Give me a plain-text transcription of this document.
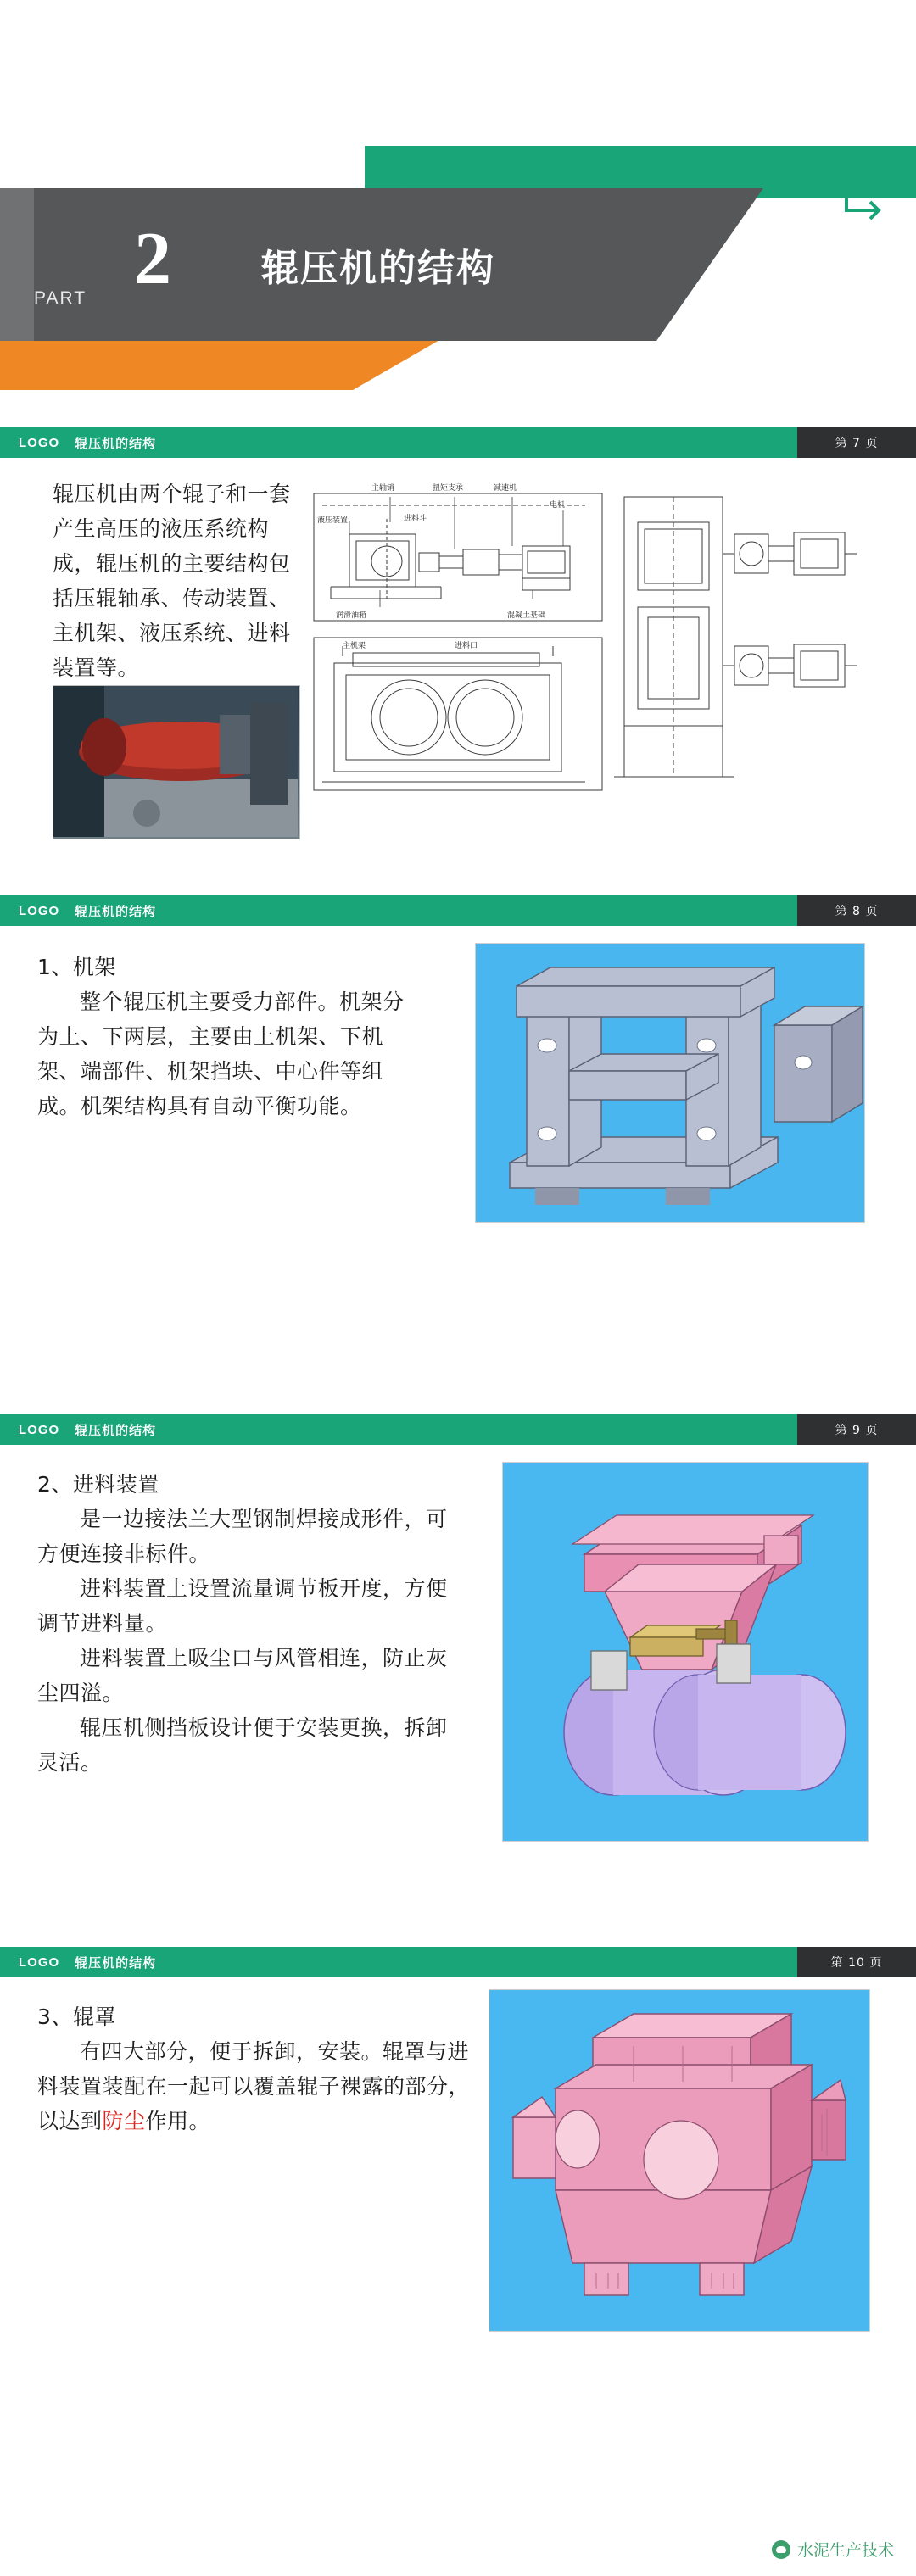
PART 2 辊压机的结构
LOGO 辊压机的结构	第 7 页

辊压机由两个辊子和一套产生高压的液压系统构成，辊压机的主要结构包括压辊轴承、传动装置、主机架、液压系统、进料装置等。

主轴销	扭矩支承	减速机
电机
液压装置	进料斗
润滑油箱	混凝土基础
主机架	进料口
LOGO 辊压机的结构	第 8 页

1、机架

整个辊压机主要受力部件。机架分为上、下两层，主要由上机架、下机架、端部件、机架挡块、中心件等组成。机架结构具有自动平衡功能。

LOGO 辊压机的结构	第 9 页

2、进料装置

是一边接法兰大型钢制焊接成形件，可方便连接非标件。

进料装置上设置流量调节板开度，方便调节进料量。

进料装置上吸尘口与风管相连，防止灰尘四溢。

辊压机侧挡板设计便于安装更换，拆卸灵活。

LOGO 辊压机的结构	第 10 页

3、辊罩

有四大部分，便于拆卸，安装。辊罩与进料装置装配在一起可以覆盖辊子裸露的部分，以达到防尘作用。

水泥生产技术
